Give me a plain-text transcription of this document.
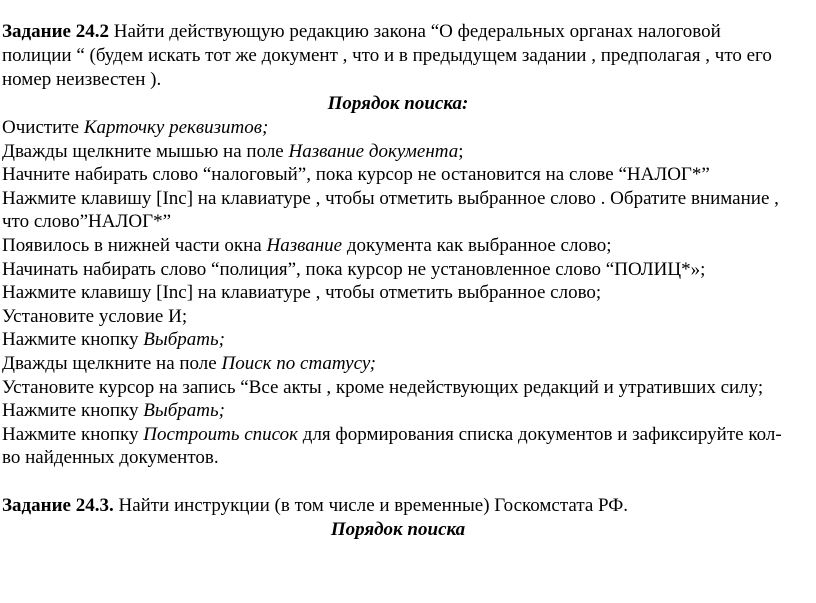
Задание 24.2 Найти действующую редакцию закона “О федеральных органах налоговой полиции “ (будем искать тот же документ , что и в предыдущем задании , предполагая , что его номер неизвестен ).

Порядок поиска:

Очистите Карточку реквизитов;
Дважды щелкните мышью на поле Название документа;
Начните набирать слово “налоговый”, пока курсор не остановится на слове “НАЛОГ*”
Нажмите клавишу [Inc] на клавиатуре , чтобы отметить выбранное слово . Обратите внимание , что слово”НАЛОГ*”
Появилось в нижней части окна Название документа как выбранное слово;
Начинать набирать слово “полиция”, пока курсор не установленное слово “ПОЛИЦ*»;
Нажмите клавишу [Inc] на клавиатуре , чтобы отметить выбранное слово;
Установите условие И;
Нажмите кнопку Выбрать;
Дважды щелкните на поле Поиск по статусу;
Установите курсор на запись “Все акты , кроме недействующих редакций и утративших силу;
Нажмите кнопку Выбрать;
Нажмите кнопку Построить список для формирования списка документов и зафиксируйте кол-во найденных документов.

Задание 24.3. Найти инструкции (в том числе и временные) Госкомстата РФ.

Порядок поиска
